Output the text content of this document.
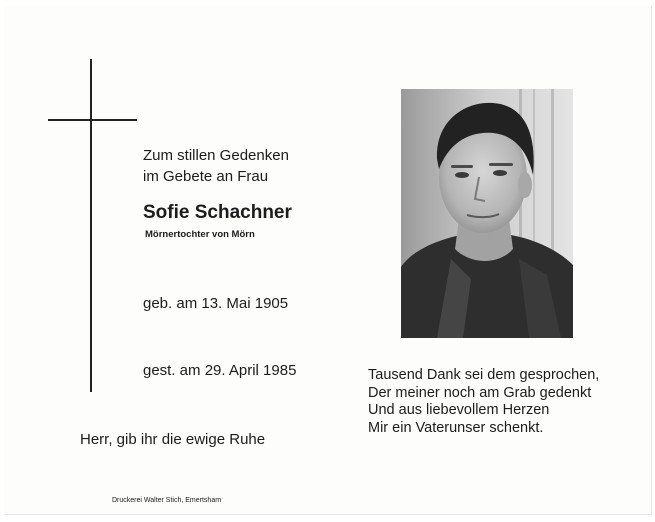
Zum stillen Gedenken
im Gebete an Frau
Sofie Schachner
Mörnertochter von Mörn
geb. am 13. Mai 1905
gest. am 29. April 1985
Herr, gib ihr die ewige Ruhe
Druckerei Walter Stich, Emertsham
Tausend Dank sei dem gesprochen,
Der meiner noch am Grab gedenkt
Und aus liebevollem Herzen
Mir ein Vaterunser schenkt.
